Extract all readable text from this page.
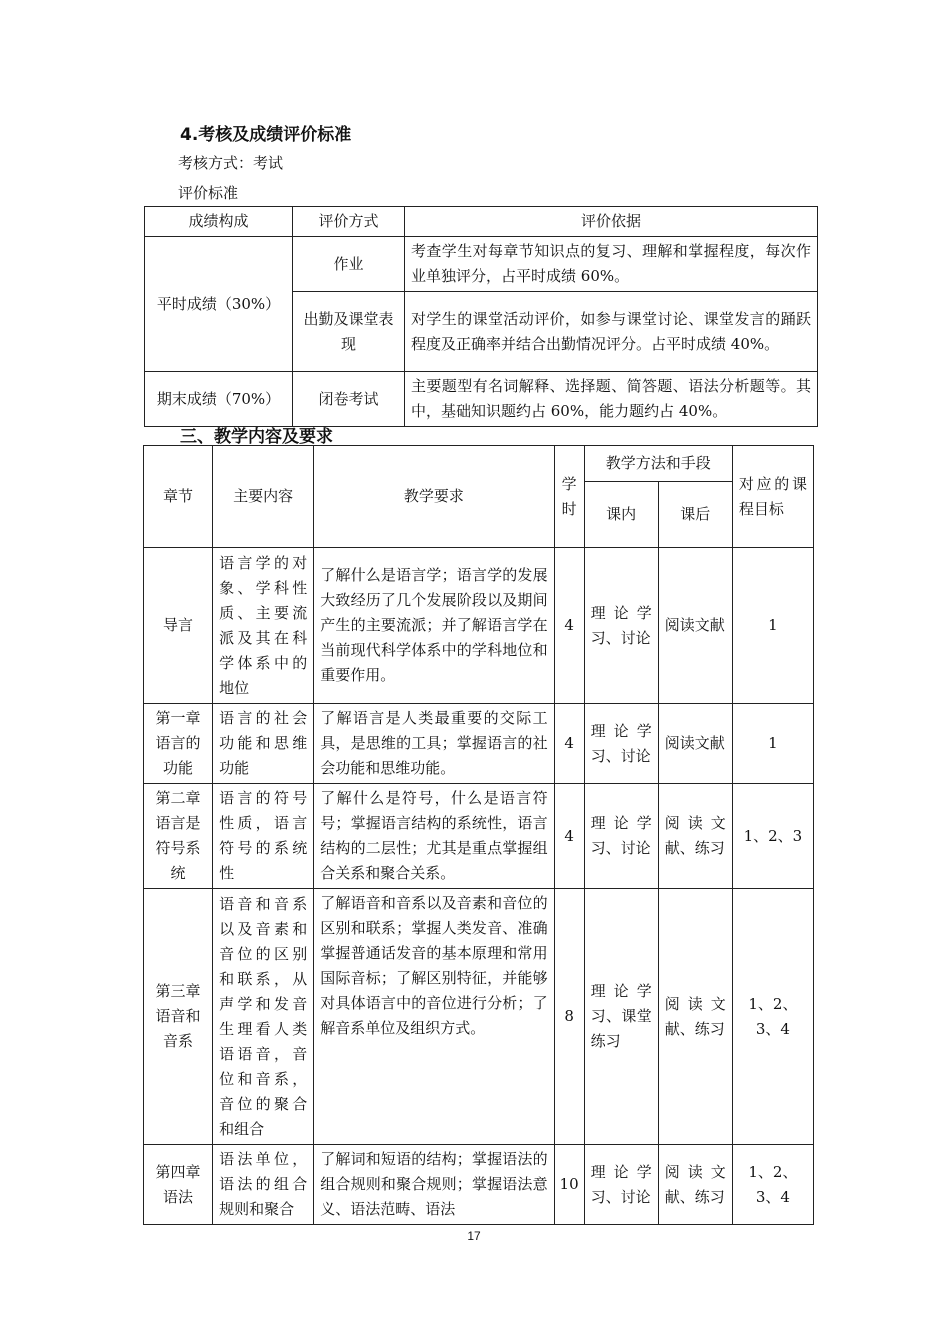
4.考核及成绩评价标准
考核方式：考试
评价标准
成绩构成	评价方式	评价依据
平时成绩（30%）	作业	考查学生对每章节知识点的复习、理解和掌握程度，每次作业单独评分，占平时成绩 60%。
	出勤及课堂表现	对学生的课堂活动评价，如参与课堂讨论、课堂发言的踊跃程度及正确率并结合出勤情况评分。占平时成绩 40%。
期末成绩（70%）	闭卷考试	主要题型有名词解释、选择题、简答题、语法分析题等。其中，基础知识题约占 60%，能力题约占 40%。
三、教学内容及要求
章节	主要内容	教学要求	学时	教学方法和手段		对应的课程目标
				课内	课后	
导言	语言学的对象、学科性质、主要流派及其在科学体系中的地位	了解什么是语言学；语言学的发展大致经历了几个发展阶段以及期间产生的主要流派；并了解语言学在当前现代科学体系中的学科地位和重要作用。	4	理论学习、讨论	阅读文献	1
第一章语言的功能	语言的社会功能和思维功能	了解语言是人类最重要的交际工具，是思维的工具；掌握语言的社会功能和思维功能。	4	理论学习、讨论	阅读文献	1
第二章语言是符号系统	语言的符号性质，语言符号的系统性	了解什么是符号，什么是语言符号；掌握语言结构的系统性，语言结构的二层性；尤其是重点掌握组合关系和聚合关系。	4	理论学习、讨论	阅读文献、练习	1、2、3
第三章语音和音系	语音和音系以及音素和音位的区别和联系，从声学和发音生理看人类语语音，音位和音系，音位的聚合和组合	了解语音和音系以及音素和音位的区别和联系；掌握人类发音、准确掌握普通话发音的基本原理和常用国际音标；了解区别特征，并能够对具体语言中的音位进行分析；了解音系单位及组织方式。	8	理论学习、课堂练习	阅读文献、练习	1、2、3、4
第四章语法	语法单位，语法的组合规则和聚合	了解词和短语的结构；掌握语法的组合规则和聚合规则；掌握语法意义、语法范畴、语法	10	理论学习、讨论	阅读文献、练习	1、2、3、4
17
